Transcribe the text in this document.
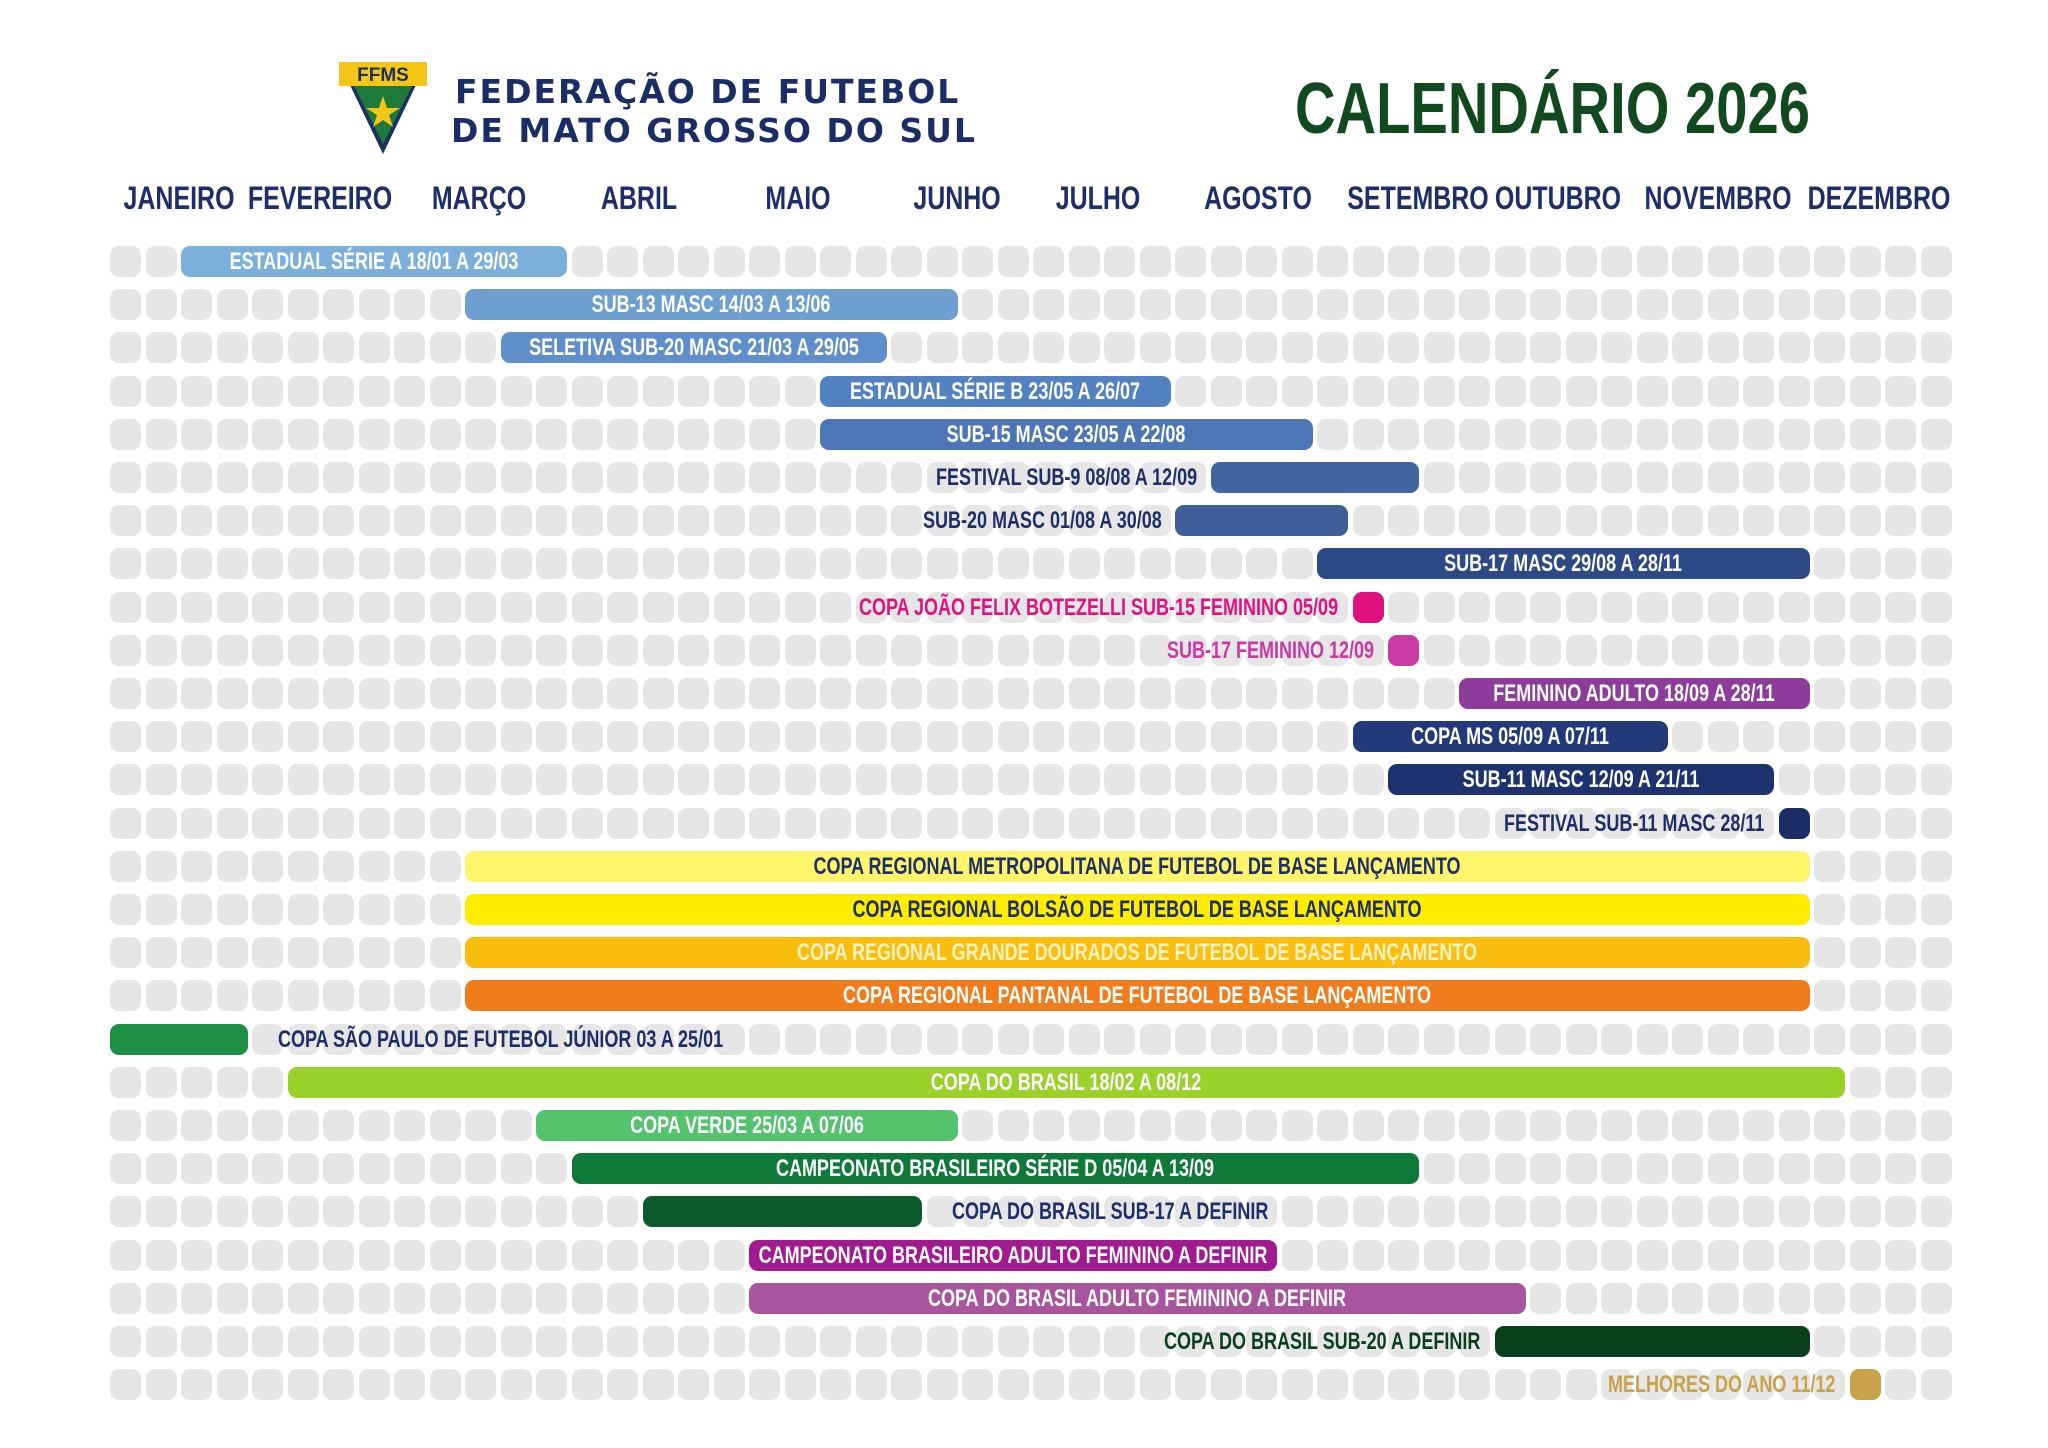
FFMS FEDERAÇÃO DE FUTEBOL
DE MATO GROSSO DO SUL	CALENDÁRIO 2026
JANEIRO FEVEREIRO MARÇO ABRIL	MAIO	JUNHO JULHO AGOSTO SETEMBRO OUTUBRO NOVEMBRO DEZEMBRO
ESTADUAL SÉRIE A 18/01 A 29/03
SUB-13 MASC 14/03 A 13/06
SELETIVA SUB-20 MASC 21/03 A 29/05
ESTADUAL SÉRIE B 23/05 A 26/07
SUB-15 MASC 23/05 A 22/08
FESTIVAL SUB-9 08/08 A 12/09
SUB-20 MASC 01/08 A 30/08
SUB-17 MASC 29/08 A 28/11
COPA JOÃO FELIX BOTEZELLI SUB-15 FEMININO 05/09
SUB-17 FEMININO 12/09
FEMININO ADULTO 18/09 A 28/11
COPA MS 05/09 A 07/11
SUB-11 MASC 12/09 A 21/11
FESTIVAL SUB-11 MASC 28/11
COPA REGIONAL METROPOLITANA DE FUTEBOL DE BASE LANÇAMENTO
COPA REGIONAL BOLSÃO DE FUTEBOL DE BASE LANÇAMENTO
COPA REGIONAL GRANDE DOURADOS DE FUTEBOL DE BASE LANÇAMENTO
COPA REGIONAL PANTANAL DE FUTEBOL DE BASE LANÇAMENTO
COPA SÃO PAULO DE FUTEBOL JÚNIOR 03 A 25/01
COPA DO BRASIL 18/02 A 08/12
COPA VERDE 25/03 A 07/06
CAMPEONATO BRASILEIRO SÉRIE D 05/04 A 13/09
COPA DO BRASIL SUB-17 A DEFINIR
CAMPEONATO BRASILEIRO ADULTO FEMININO A DEFINIR
COPA DO BRASIL ADULTO FEMININO A DEFINIR
COPA DO BRASIL SUB-20 A DEFINIR
MELHORES DO ANO 11/12
